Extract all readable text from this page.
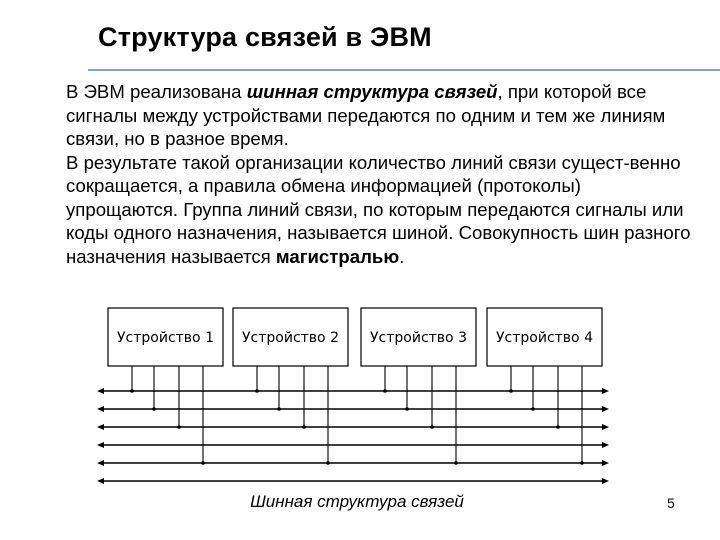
Структура связей в ЭВМ

В ЭВМ реализована шинная структура связей, при которой все сигналы между устройствами передаются по одним и тем же линиям связи, но в разное время.

В результате такой организации количество линий связи сущест-венно сокращается, а правила обмена информацией (протоколы) упрощаются. Группа линий связи, по которым передаются сигналы или коды одного назначения, называется шиной. Совокупность шин разного назначения называется магистралью.

Устройство 1 Устройство 2 Устройство 3 Устройство 4
Шинная структура связей	5
